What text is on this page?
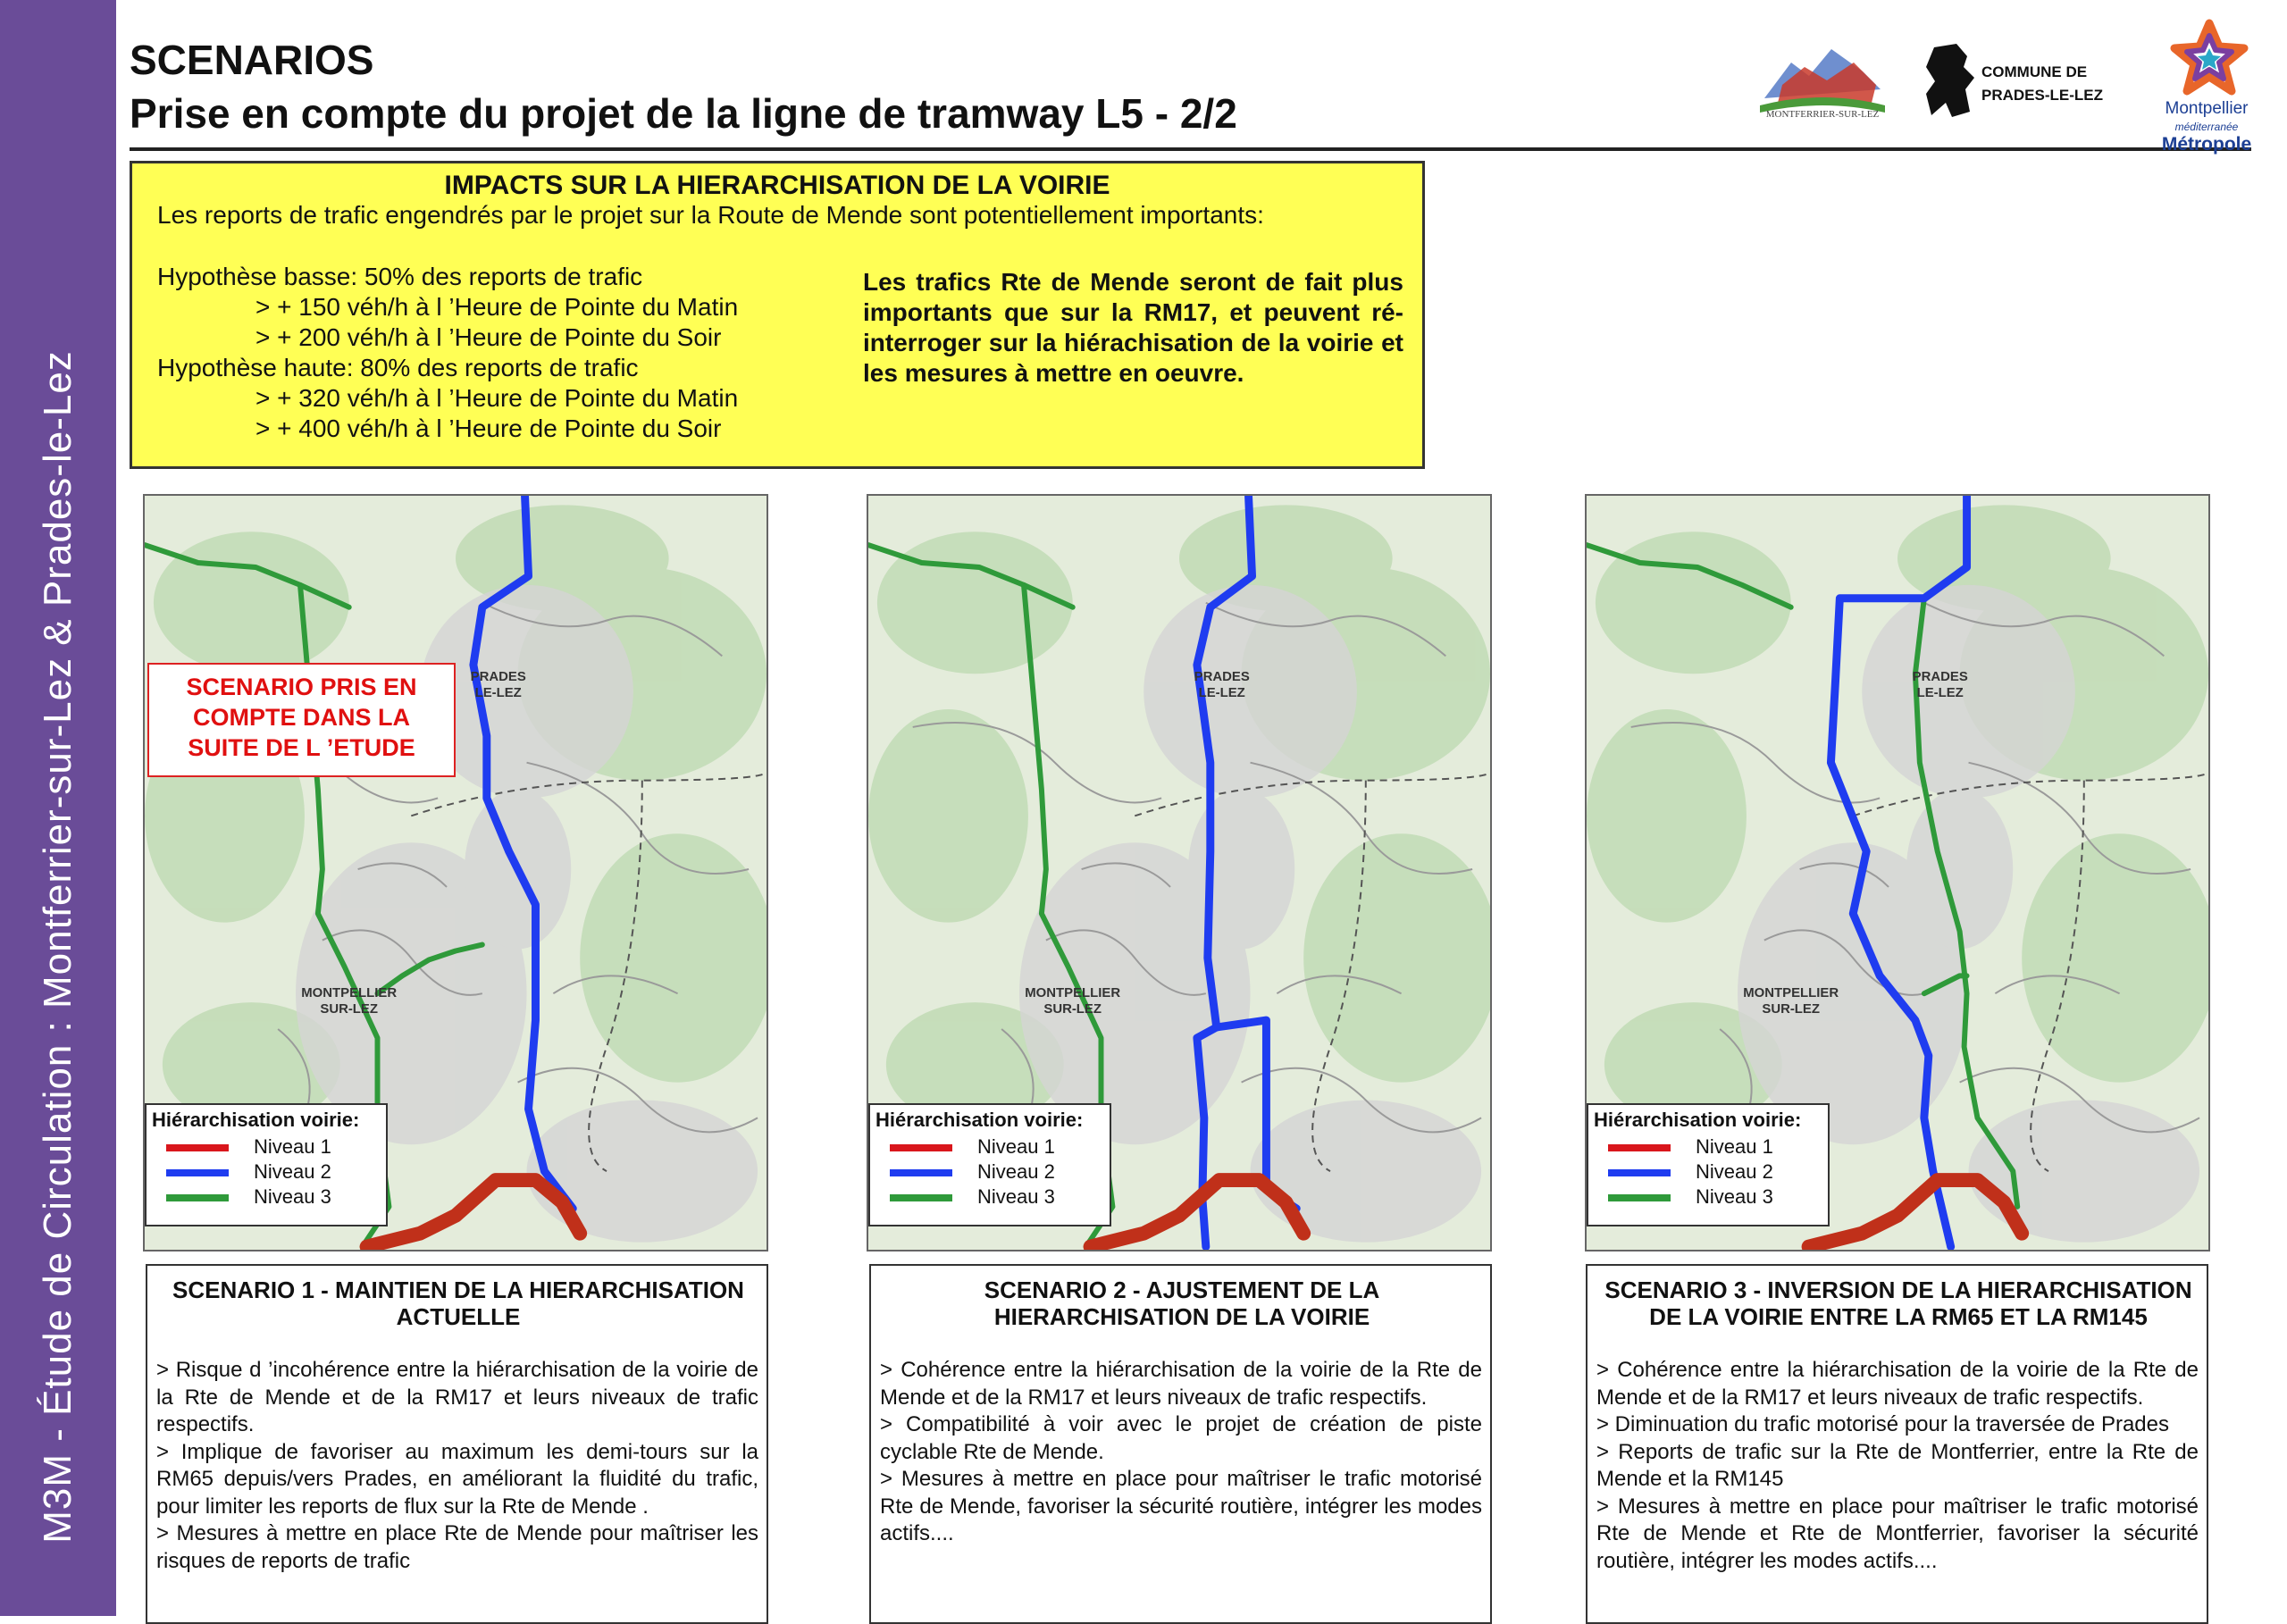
M3M - Étude de Circulation : Montferrier-sur-Lez & Prades-le-Lez
SCENARIOS
Prise en compte du projet de la ligne de tramway L5 - 2/2	MONTFERRIER-SUR-LEZ
COMMUNE DE
PRADES-LE-LEZ
Montpellier
méditerranée
Métropole
IMPACTS SUR LA HIERARCHISATION DE LA VOIRIE
Les reports de trafic engendrés par le projet sur la Route de Mende sont potentiellement importants:
Hypothèse basse: 50% des reports de trafic
> + 150 véh/h à l ’Heure de Pointe du Matin
> + 200 véh/h à l ’Heure de Pointe du Soir
Hypothèse haute: 80% des reports de trafic
> + 320 véh/h à l ’Heure de Pointe du Matin
> + 400 véh/h à l ’Heure de Pointe du Soir
Les trafics Rte de Mende seront de fait plus importants que sur la RM17, et peuvent ré-interroger sur la hiérachisation de la voirie et les mesures à mettre en oeuvre.
PRADES
LE-LEZ
MONTPELLIER
SUR-LEZ
Hiérarchisation voirie:
Niveau 1
Niveau 2
Niveau 3
PRADES
LE-LEZ
MONTPELLIER
SUR-LEZ
Hiérarchisation voirie:
Niveau 1
Niveau 2
Niveau 3
PRADES
LE-LEZ
MONTPELLIER
SUR-LEZ
Hiérarchisation voirie:
Niveau 1
Niveau 2
Niveau 3
SCENARIO PRIS EN
COMPTE DANS LA
SUITE DE L ’ETUDE
SCENARIO 1 - MAINTIEN DE LA HIERARCHISATION ACTUELLE
> Risque d ’incohérence entre la hiérarchisation de la voirie de la Rte de Mende et de la RM17 et leurs niveaux de trafic respectifs.
> Implique de favoriser au maximum les demi-tours sur la RM65 depuis/vers Prades, en améliorant la fluidité du trafic, pour limiter les reports de flux sur la Rte de Mende .
> Mesures à mettre en place Rte de Mende pour maîtriser les risques de reports de trafic
SCENARIO 2 - AJUSTEMENT DE LA HIERARCHISATION DE LA VOIRIE
> Cohérence entre la hiérarchisation de la voirie de la Rte de Mende et de la RM17 et leurs niveaux de trafic respectifs.
> Compatibilité à voir avec le projet de création de piste cyclable Rte de Mende.
> Mesures à mettre en place pour maîtriser le trafic motorisé Rte de Mende, favoriser la sécurité routière, intégrer les modes actifs....
SCENARIO 3 - INVERSION DE LA HIERARCHISATION DE LA VOIRIE ENTRE LA RM65 ET LA RM145
> Cohérence entre la hiérarchisation de la voirie de la Rte de Mende et de la RM17 et leurs niveaux de trafic respectifs.
> Diminuation du trafic motorisé pour la traversée de Prades
> Reports de trafic sur la Rte de Montferrier, entre la Rte de Mende et la RM145
> Mesures à mettre en place pour maîtriser le trafic motorisé Rte de Mende et Rte de Montferrier, favoriser la sécurité routière, intégrer les modes actifs....
